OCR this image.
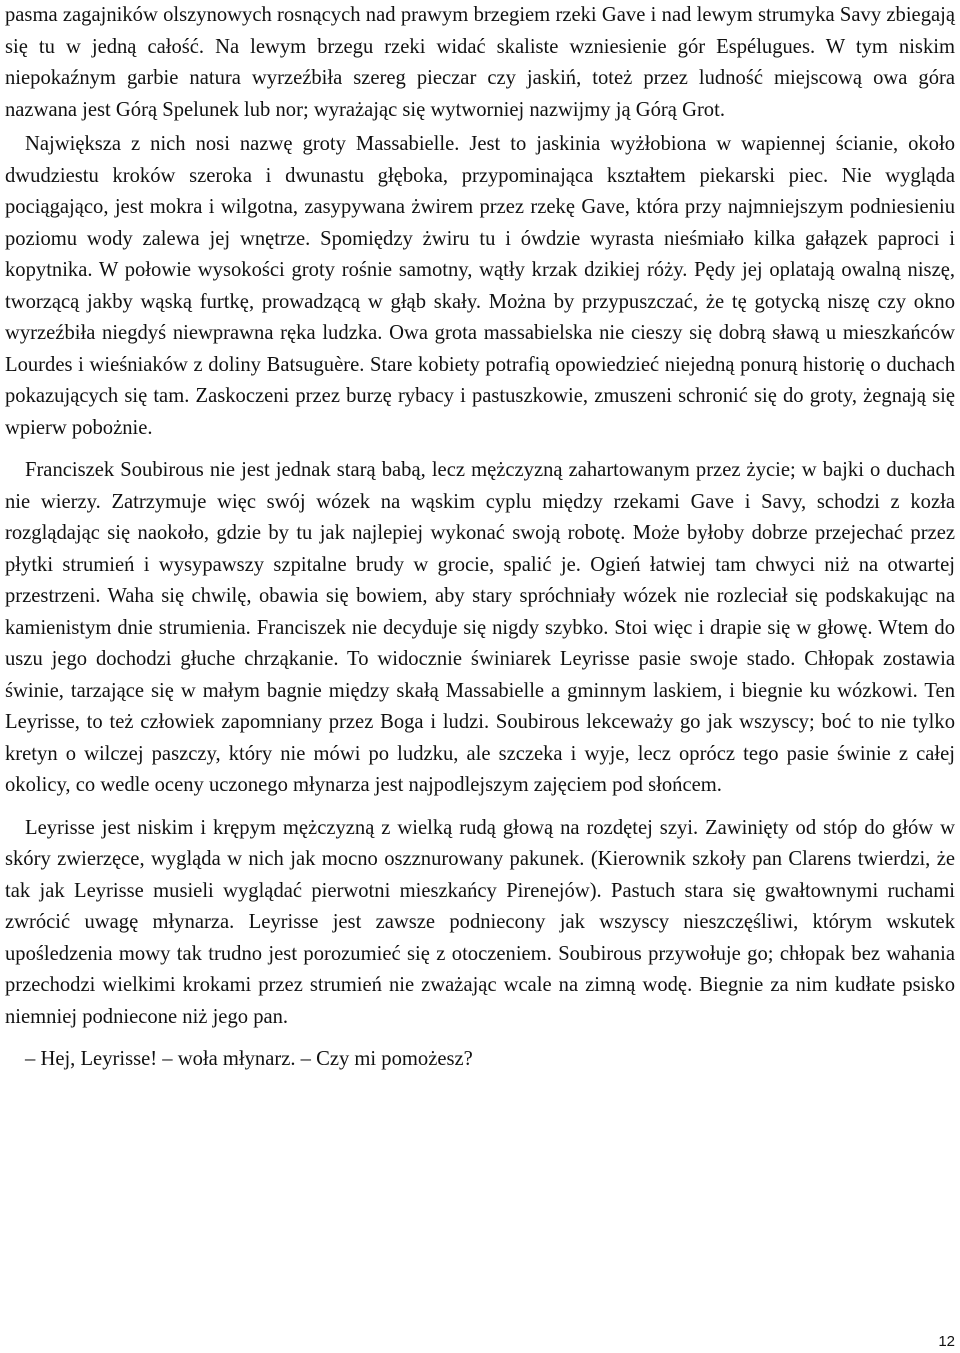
pasma zagajników olszynowych rosnących nad prawym brzegiem rzeki Gave i nad lewym strumyka Savy zbiegają się tu w jedną całość. Na lewym brzegu rzeki widać skaliste wzniesienie gór Espélugues. W tym niskim niepokaźnym garbie natura wyrzeźbiła szereg pieczar czy jaskiń, toteż przez ludność miejscową owa góra nazwana jest Górą Spelunek lub nor; wyrażając się wytworniej nazwijmy ją Górą Grot.

Największa z nich nosi nazwę groty Massabielle. Jest to jaskinia wyżłobiona w wapiennej ścianie, około dwudziestu kroków szeroka i dwunastu głęboka, przypominająca kształtem piekarski piec. Nie wygląda pociągająco, jest mokra i wilgotna, zasypywana żwirem przez rzekę Gave, która przy najmniejszym podniesieniu poziomu wody zalewa jej wnętrze. Spomiędzy żwiru tu i ówdzie wyrasta nieśmiało kilka gałązek paproci i kopytnika. W połowie wysokości groty rośnie samotny, wątły krzak dzikiej róży. Pędy jej oplatają owalną niszę, tworzącą jakby wąską furtkę, prowadzącą w głąb skały. Można by przypuszczać, że tę gotycką niszę czy okno wyrzeźbiła niegdyś niewprawna ręka ludzka. Owa grota massabielska nie cieszy się dobrą sławą u mieszkańców Lourdes i wieśniaków z doliny Batsuguère. Stare kobiety potrafią opowiedzieć niejedną ponurą historię o duchach pokazujących się tam. Zaskoczeni przez burzę rybacy i pastuszkowie, zmuszeni schronić się do groty, żegnają się wpierw pobożnie.

Franciszek Soubirous nie jest jednak starą babą, lecz mężczyzną zahartowanym przez życie; w bajki o duchach nie wierzy. Zatrzymuje więc swój wózek na wąskim cyplu między rzekami Gave i Savy, schodzi z kozła rozglądając się naokoło, gdzie by tu jak najlepiej wykonać swoją robotę. Może byłoby dobrze przejechać przez płytki strumień i wysypawszy szpitalne brudy w grocie, spalić je. Ogień łatwiej tam chwyci niż na otwartej przestrzeni. Waha się chwilę, obawia się bowiem, aby stary spróchniały wózek nie rozleciał się podskakując na kamienistym dnie strumienia. Franciszek nie decyduje się nigdy szybko. Stoi więc i drapie się w głowę. Wtem do uszu jego dochodzi głuche chrząkanie. To widocznie świniarek Leyrisse pasie swoje stado. Chłopak zostawia świnie, tarzające się w małym bagnie między skałą Massabielle a gminnym laskiem, i biegnie ku wózkowi. Ten Leyrisse, to też człowiek zapomniany przez Boga i ludzi. Soubirous lekceważy go jak wszyscy; boć to nie tylko kretyn o wilczej paszczy, który nie mówi po ludzku, ale szczeka i wyje, lecz oprócz tego pasie świnie z całej okolicy, co wedle oceny uczonego młynarza jest najpodlejszym zajęciem pod słońcem.

Leyrisse jest niskim i krępym mężczyzną z wielką rudą głową na rozdętej szyi. Zawinięty od stóp do głów w skóry zwierzęce, wygląda w nich jak mocno oszznurowany pakunek. (Kierownik szkoły pan Clarens twierdzi, że tak jak Leyrisse musieli wyglądać pierwotni mieszkańcy Pirenejów). Pastuch stara się gwałtownymi ruchami zwrócić uwagę młynarza. Leyrisse jest zawsze podniecony jak wszyscy nieszczęśliwi, którym wskutek upośledzenia mowy tak trudno jest porozumieć się z otoczeniem. Soubirous przywołuje go; chłopak bez wahania przechodzi wielkimi krokami przez strumień nie zważając wcale na zimną wodę. Biegnie za nim kudłate psisko niemniej podniecone niż jego pan.

– Hej, Leyrisse! – woła młynarz. – Czy mi pomożesz?

12
